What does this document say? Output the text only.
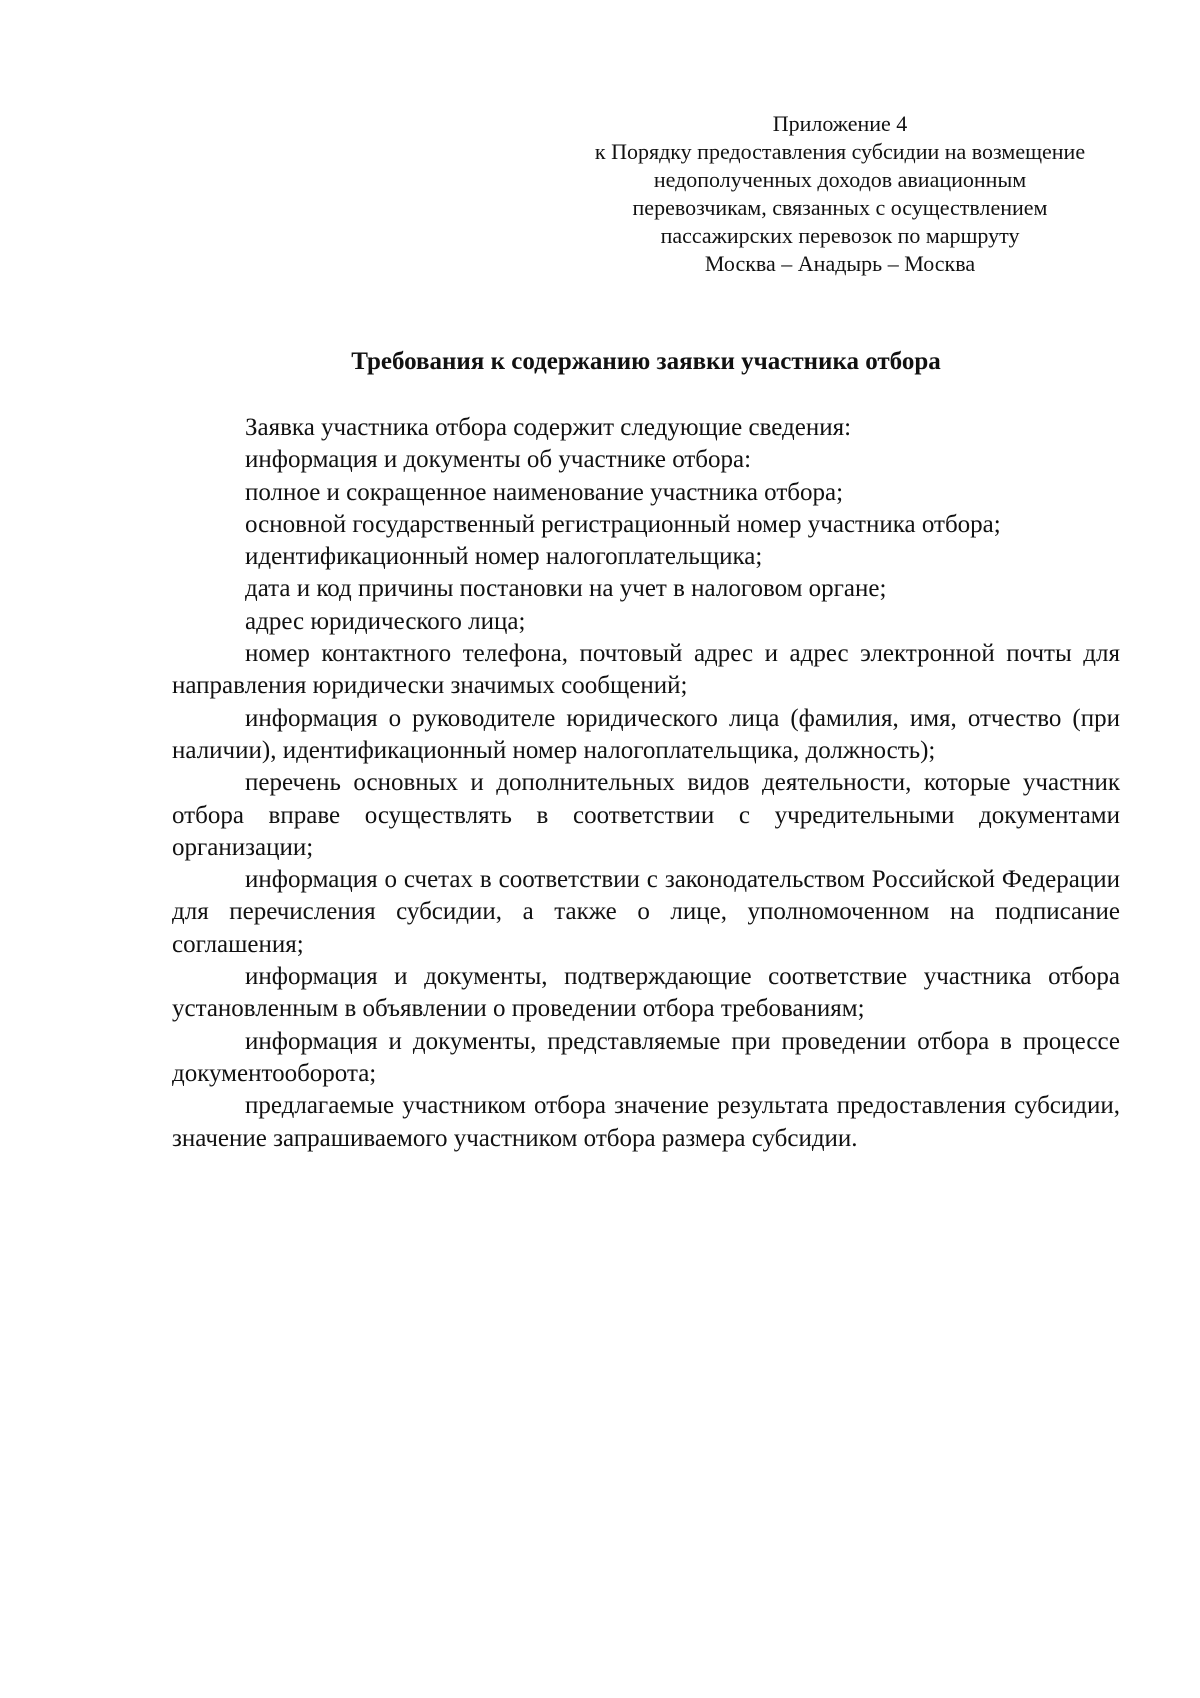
Приложение 4
к Порядку предоставления субсидии на возмещение
недополученных доходов авиационным
перевозчикам, связанных с осуществлением
пассажирских перевозок по маршруту
Москва – Анадырь – Москва
Требования к содержанию заявки участника отбора

Заявка участника отбора содержит следующие сведения:

информация и документы об участнике отбора:

полное и сокращенное наименование участника отбора;

основной государственный регистрационный номер участника отбора;

идентификационный номер налогоплательщика;

дата и код причины постановки на учет в налоговом органе;

адрес юридического лица;

номер контактного телефона, почтовый адрес и адрес электронной почты для направления юридически значимых сообщений;

информация о руководителе юридического лица (фамилия, имя, отчество (при наличии), идентификационный номер налогоплательщика, должность);

перечень основных и дополнительных видов деятельности, которые участник отбора вправе осуществлять в соответствии с учредительными документами организации;

информация о счетах в соответствии с законодательством Российской Федерации для перечисления субсидии, а также о лице, уполномоченном на подписание соглашения;

информация и документы, подтверждающие соответствие участника отбора установленным в объявлении о проведении отбора требованиям;

информация и документы, представляемые при проведении отбора в процессе документооборота;

предлагаемые участником отбора значение результата предоставления субсидии, значение запрашиваемого участником отбора размера субсидии.
